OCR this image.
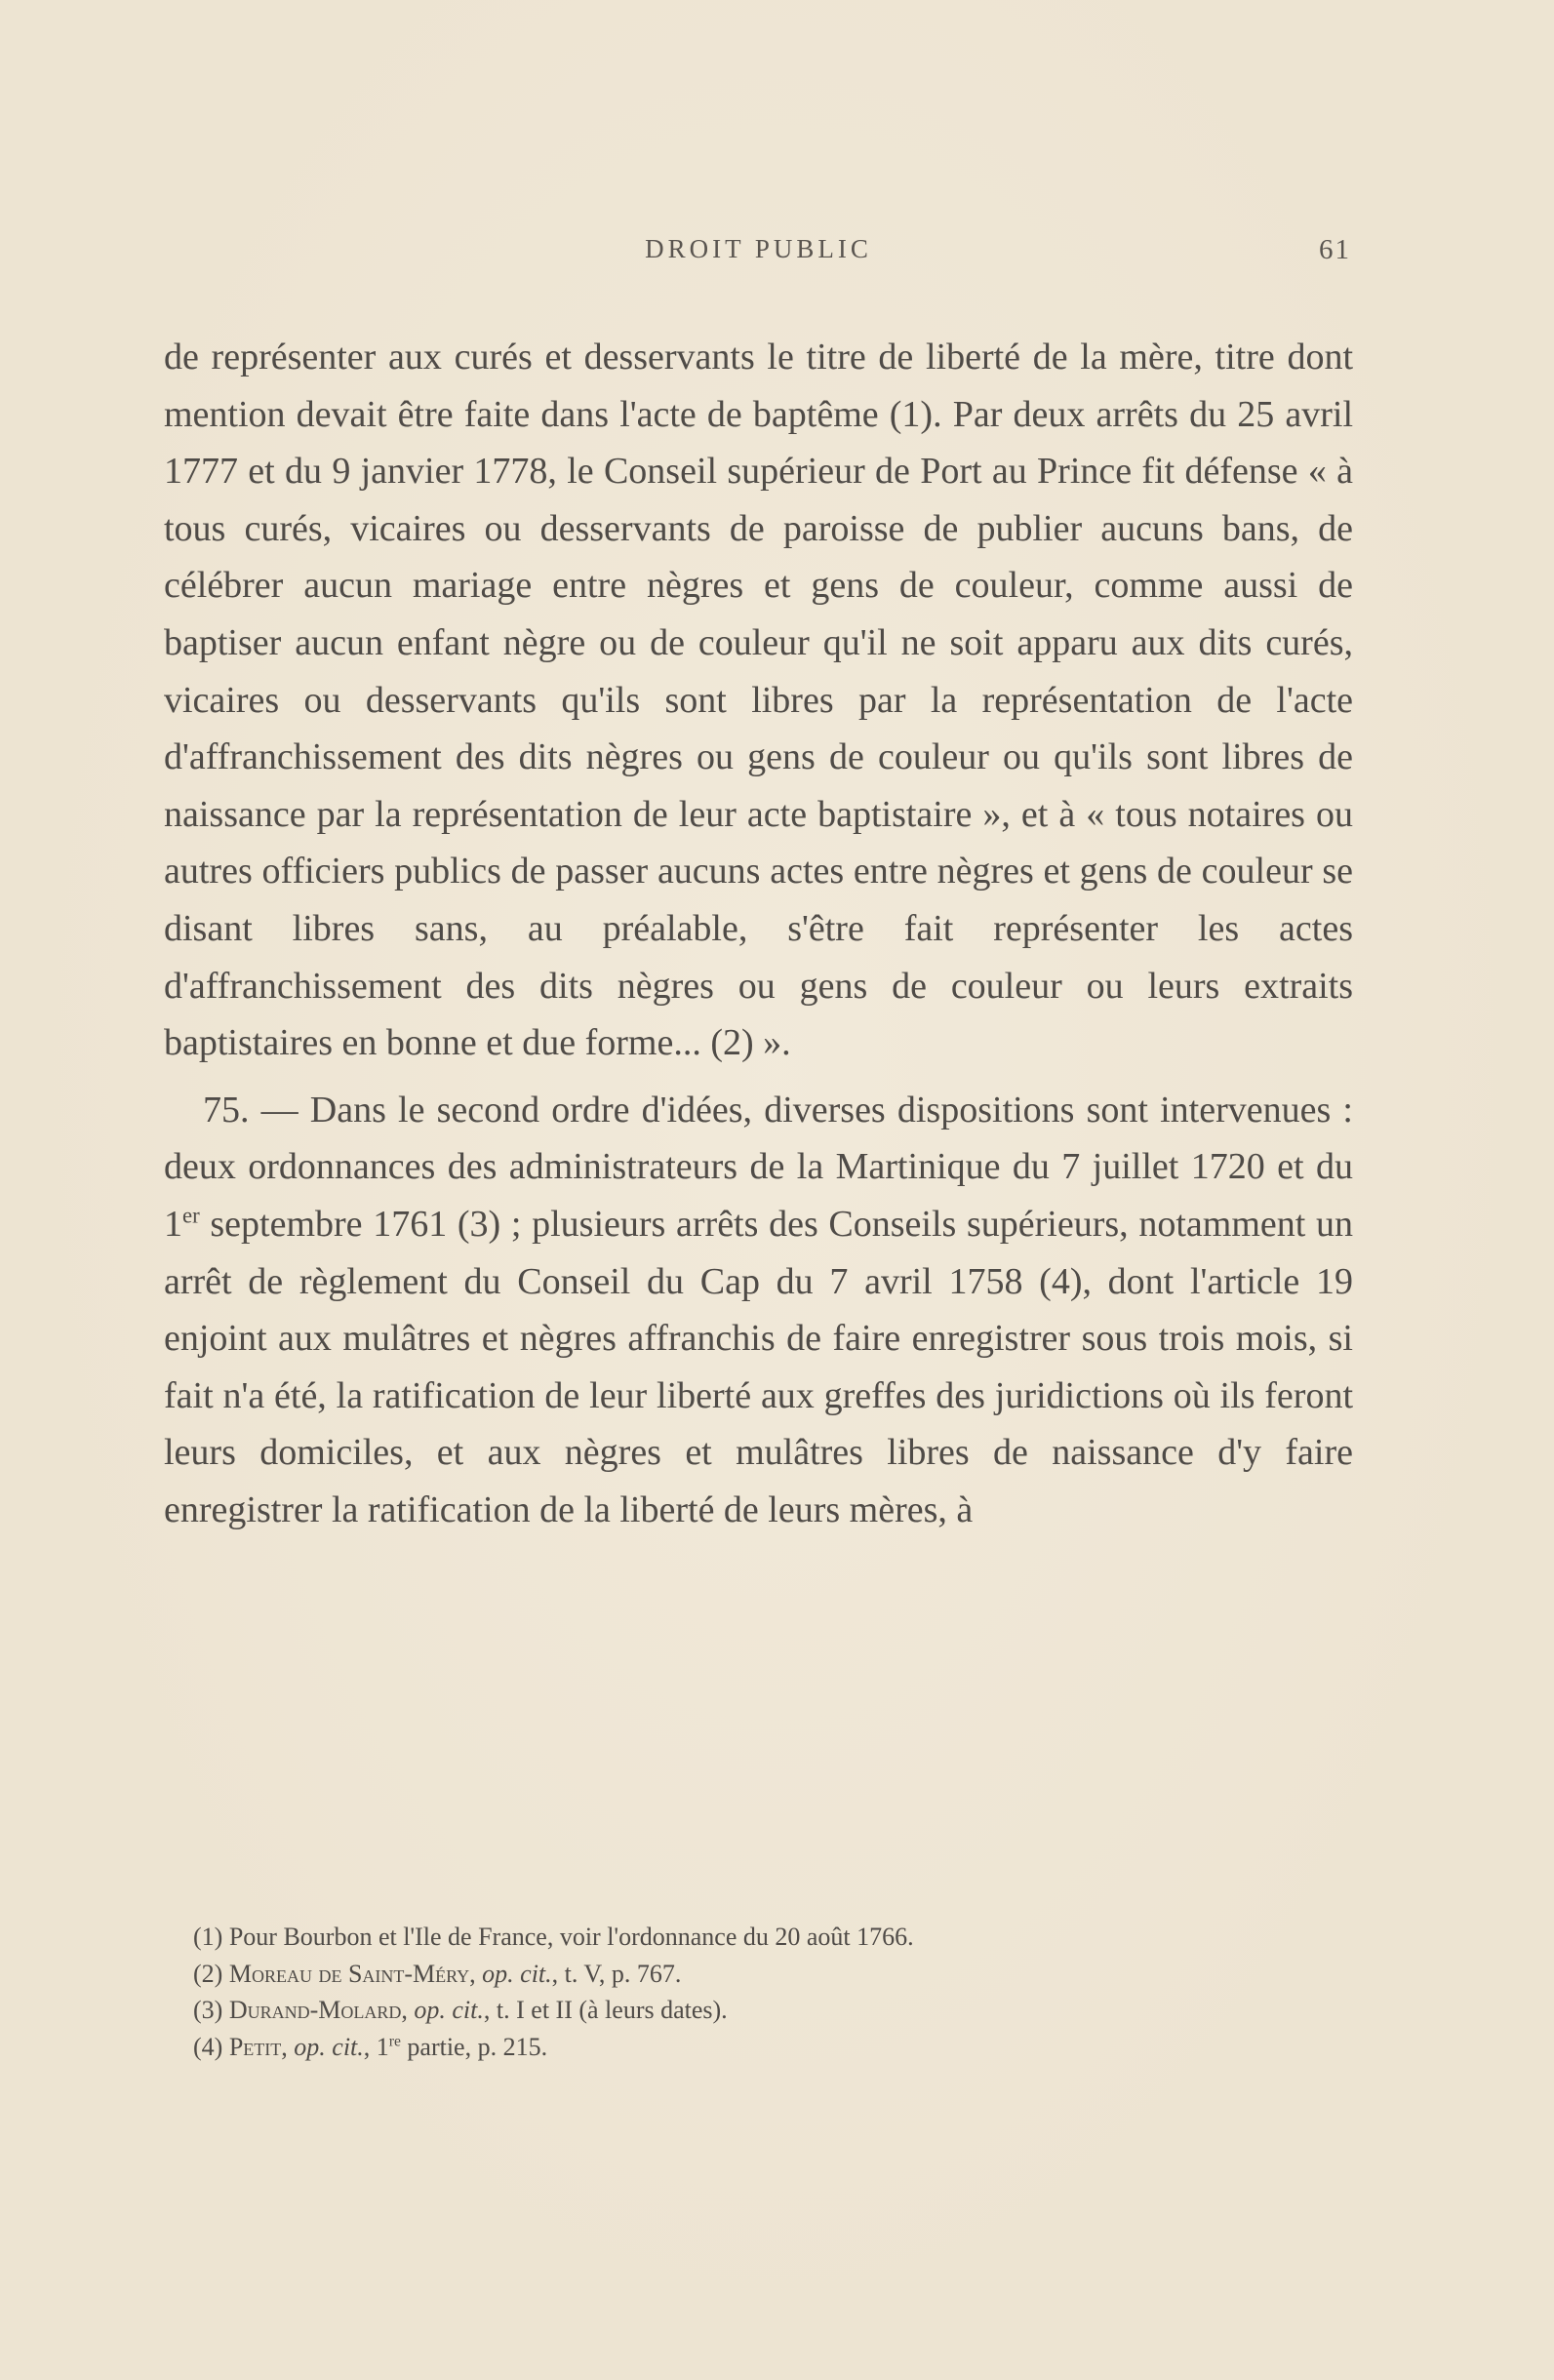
DROIT PUBLIC	61

de représenter aux curés et desservants le titre de liberté de la mère, titre dont mention devait être faite dans l'acte de baptême (1). Par deux arrêts du 25 avril 1777 et du 9 janvier 1778, le Conseil supérieur de Port au Prince fit défense « à tous curés, vicaires ou desservants de paroisse de publier aucuns bans, de célébrer aucun mariage entre nègres et gens de couleur, comme aussi de baptiser aucun enfant nègre ou de couleur qu'il ne soit apparu aux dits curés, vicaires ou desservants qu'ils sont libres par la représentation de l'acte d'affranchissement des dits nègres ou gens de couleur ou qu'ils sont libres de naissance par la représentation de leur acte baptistaire », et à « tous notaires ou autres officiers publics de passer aucuns actes entre nègres et gens de couleur se disant libres sans, au préalable, s'être fait représenter les actes d'affranchissement des dits nègres ou gens de couleur ou leurs extraits baptistaires en bonne et due forme... (2) ».

75. — Dans le second ordre d'idées, diverses dispositions sont intervenues : deux ordonnances des administrateurs de la Martinique du 7 juillet 1720 et du 1er septembre 1761 (3) ; plusieurs arrêts des Conseils supérieurs, notamment un arrêt de règlement du Conseil du Cap du 7 avril 1758 (4), dont l'article 19 enjoint aux mulâtres et nègres affranchis de faire enregistrer sous trois mois, si fait n'a été, la ratification de leur liberté aux greffes des juridictions où ils feront leurs domiciles, et aux nègres et mulâtres libres de naissance d'y faire enregistrer la ratification de la liberté de leurs mères, à

(1) Pour Bourbon et l'Ile de France, voir l'ordonnance du 20 août 1766.
(2) Moreau de Saint-Méry, op. cit., t. V, p. 767.
(3) Durand-Molard, op. cit., t. I et II (à leurs dates).
(4) Petit, op. cit., 1re partie, p. 215.
